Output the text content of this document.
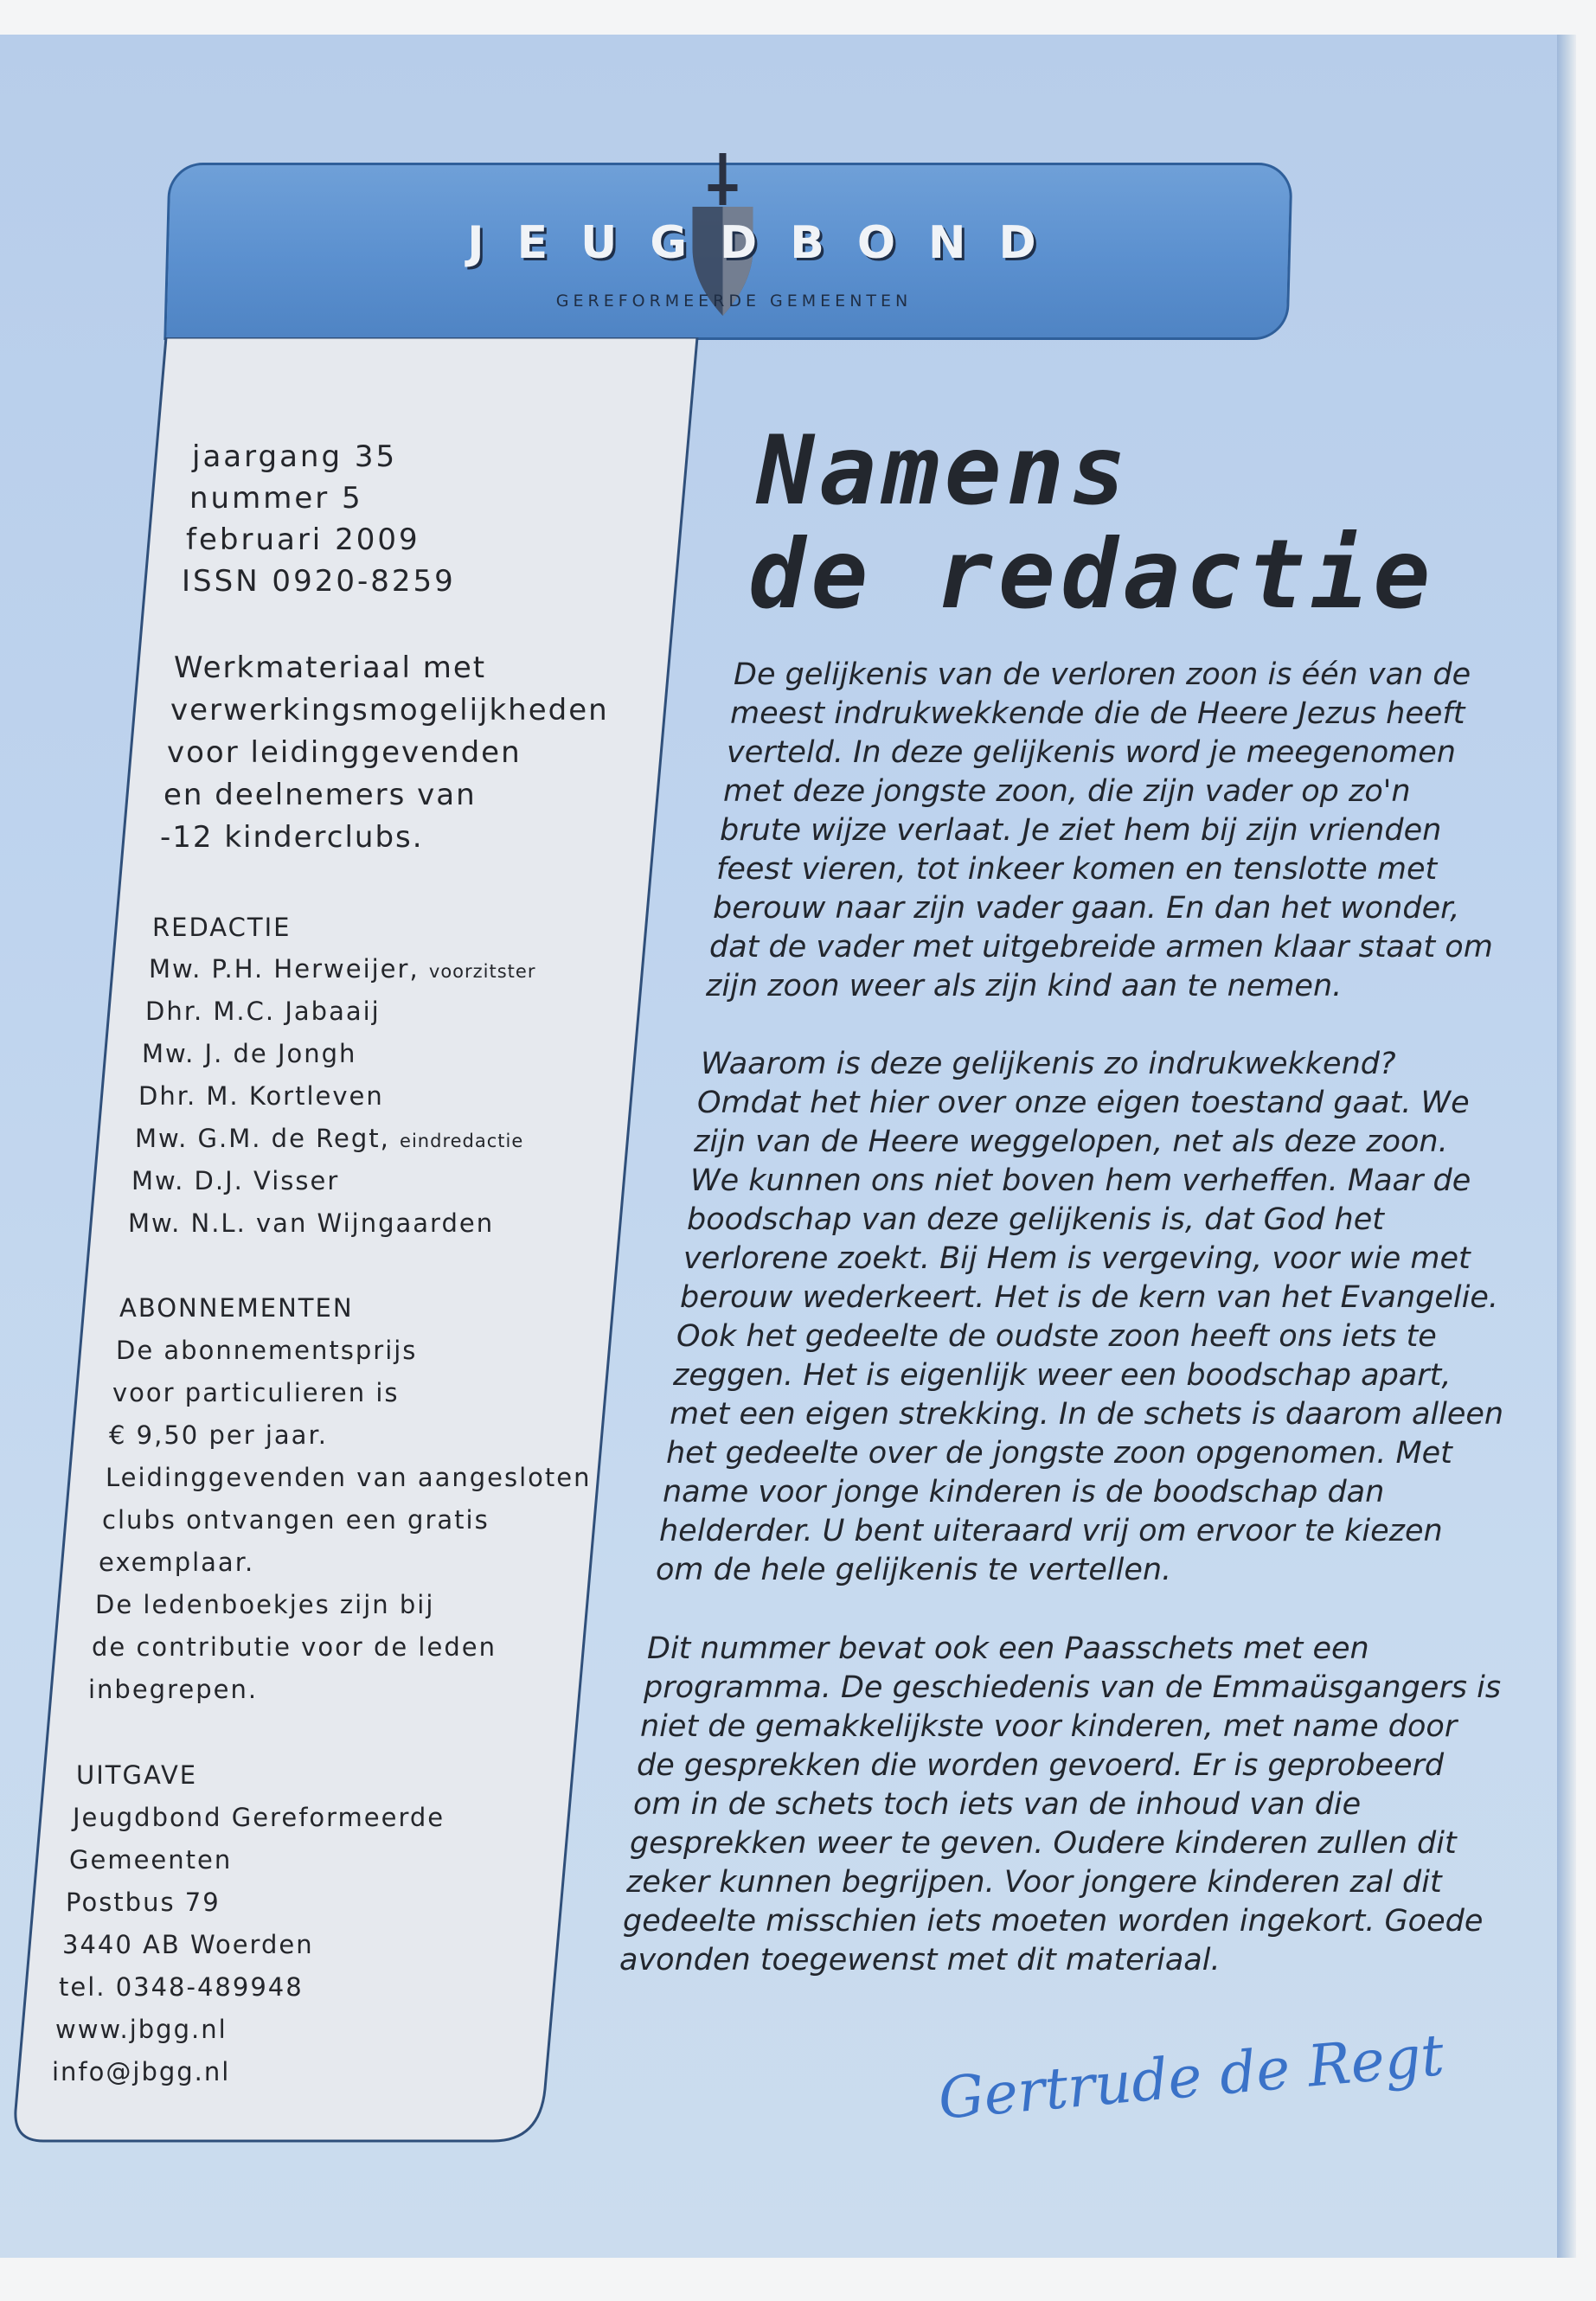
JEUGDBOND
GEREFORMEERDE GEMEENTEN
jaargang 35
nummer 5
februari 2009
ISSN 0920-8259
Werkmateriaal met
verwerkingsmogelijkheden
voor leidinggevenden
en deelnemers van
-12 kinderclubs.
REDACTIE
Mw. P.H. Herweijer, voorzitster
Dhr. M.C. Jabaaij
Mw. J. de Jongh
Dhr. M. Kortleven
Mw. G.M. de Regt, eindredactie
Mw. D.J. Visser
Mw. N.L. van Wijngaarden
ABONNEMENTEN
De abonnementsprijs
voor particulieren is
€ 9,50 per jaar.
Leidinggevenden van aangesloten
clubs ontvangen een gratis
exemplaar.
De ledenboekjes zijn bij
de contributie voor de leden
inbegrepen.
UITGAVE
Jeugdbond Gereformeerde
Gemeenten
Postbus 79
3440 AB Woerden
tel. 0348-489948
www.jbgg.nl
info@jbgg.nl
Namens
de redactie
De gelijkenis van de verloren zoon is één van de
meest indrukwekkende die de Heere Jezus heeft
verteld. In deze gelijkenis word je meegenomen
met deze jongste zoon, die zijn vader op zo'n
brute wijze verlaat. Je ziet hem bij zijn vrienden
feest vieren, tot inkeer komen en tenslotte met
berouw naar zijn vader gaan. En dan het wonder,
dat de vader met uitgebreide armen klaar staat om
zijn zoon weer als zijn kind aan te nemen.
Waarom is deze gelijkenis zo indrukwekkend?
Omdat het hier over onze eigen toestand gaat. We
zijn van de Heere weggelopen, net als deze zoon.
We kunnen ons niet boven hem verheffen. Maar de
boodschap van deze gelijkenis is, dat God het
verlorene zoekt. Bij Hem is vergeving, voor wie met
berouw wederkeert. Het is de kern van het Evangelie.
Ook het gedeelte de oudste zoon heeft ons iets te
zeggen. Het is eigenlijk weer een boodschap apart,
met een eigen strekking. In de schets is daarom alleen
het gedeelte over de jongste zoon opgenomen. Met
name voor jonge kinderen is de boodschap dan
helderder. U bent uiteraard vrij om ervoor te kiezen
om de hele gelijkenis te vertellen.
Dit nummer bevat ook een Paasschets met een
programma. De geschiedenis van de Emmaüsgangers is
niet de gemakkelijkste voor kinderen, met name door
de gesprekken die worden gevoerd. Er is geprobeerd
om in de schets toch iets van de inhoud van die
gesprekken weer te geven. Oudere kinderen zullen dit
zeker kunnen begrijpen. Voor jongere kinderen zal dit
gedeelte misschien iets moeten worden ingekort. Goede
avonden toegewenst met dit materiaal.
Gertrude de Regt
